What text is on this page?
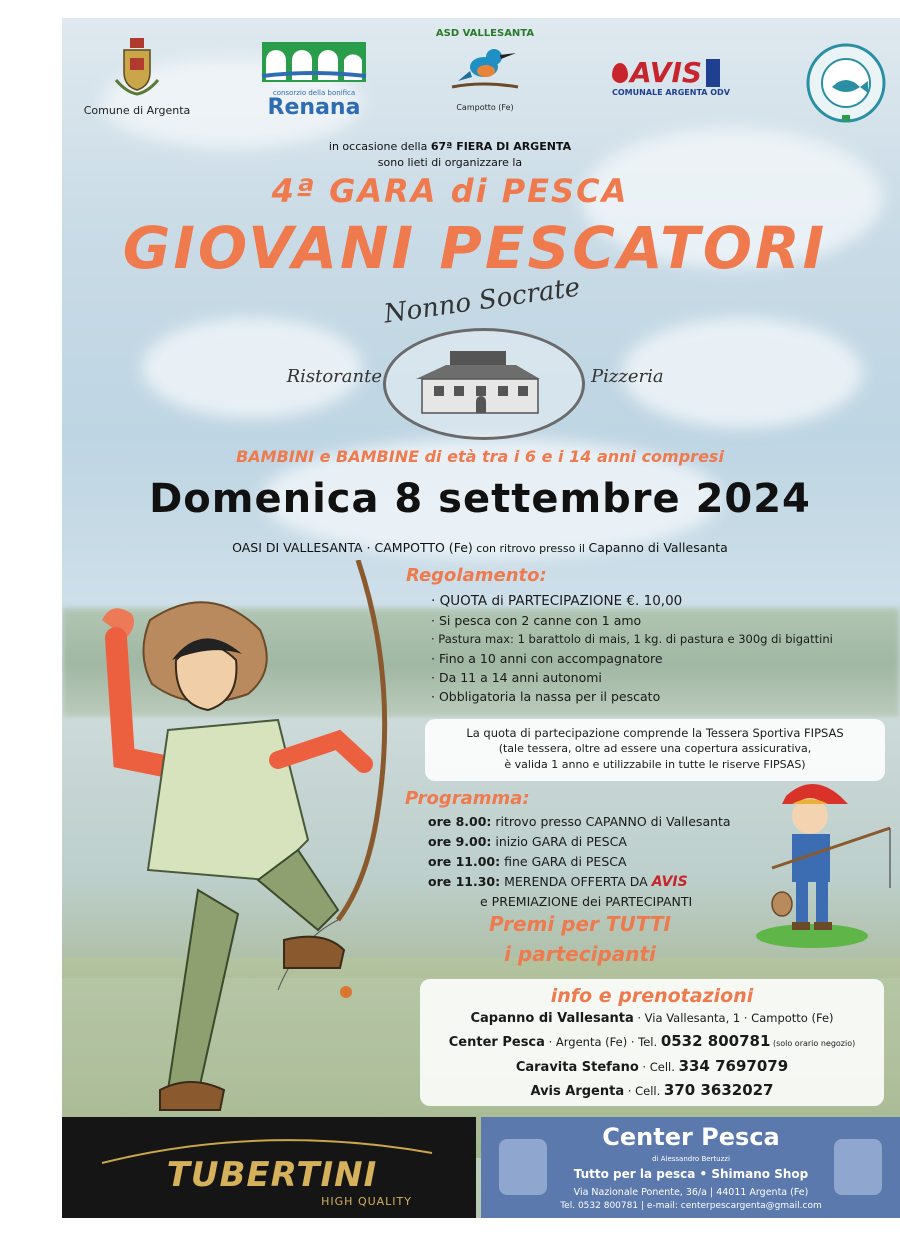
Comune di Argenta
consorzio della bonifica
Renana
ASD VALLESANTA
Campotto (Fe)
AVIS
COMUNALE ARGENTA ODV
in occasione della 67ª FIERA DI ARGENTA
sono lieti di organizzare la
4ª GARA di PESCA
GIOVANI PESCATORI
Nonno Socrate
Ristorante	Pizzeria
BAMBINI e BAMBINE di età tra i 6 e i 14 anni compresi
Domenica 8 settembre 2024
OASI DI VALLESANTA · CAMPOTTO (Fe) con ritrovo presso il Capanno di Vallesanta
Regolamento:
· QUOTA di PARTECIPAZIONE €. 10,00
· Si pesca con 2 canne con 1 amo
· Pastura max: 1 barattolo di mais, 1 kg. di pastura e 300g di bigattini
· Fino a 10 anni con accompagnatore
· Da 11 a 14 anni autonomi
· Obbligatoria la nassa per il pescato
La quota di partecipazione comprende la Tessera Sportiva FIPSAS
(tale tessera, oltre ad essere una copertura assicurativa,
è valida 1 anno e utilizzabile in tutte le riserve FIPSAS)
Programma:
ore 8.00: ritrovo presso CAPANNO di Vallesanta
ore 9.00: inizio GARA di PESCA
ore 11.00: fine GARA di PESCA
ore 11.30: MERENDA OFFERTA DA AVIS
e PREMIAZIONE dei PARTECIPANTI
Premi per TUTTI
i partecipanti
info e prenotazioni
Capanno di Vallesanta · Via Vallesanta, 1 · Campotto (Fe)
Center Pesca · Argenta (Fe) · Tel. 0532 800781 (solo orario negozio)
Caravita Stefano · Cell. 334 7697079
Avis Argenta · Cell. 370 3632027
TUBERTINI
HIGH QUALITY
Center Pesca
di Alessandro Bertuzzi
Tutto per la pesca • Shimano Shop
Via Nazionale Ponente, 36/a | 44011 Argenta (Fe)
Tel. 0532 800781 | e-mail: centerpescargenta@gmail.com
